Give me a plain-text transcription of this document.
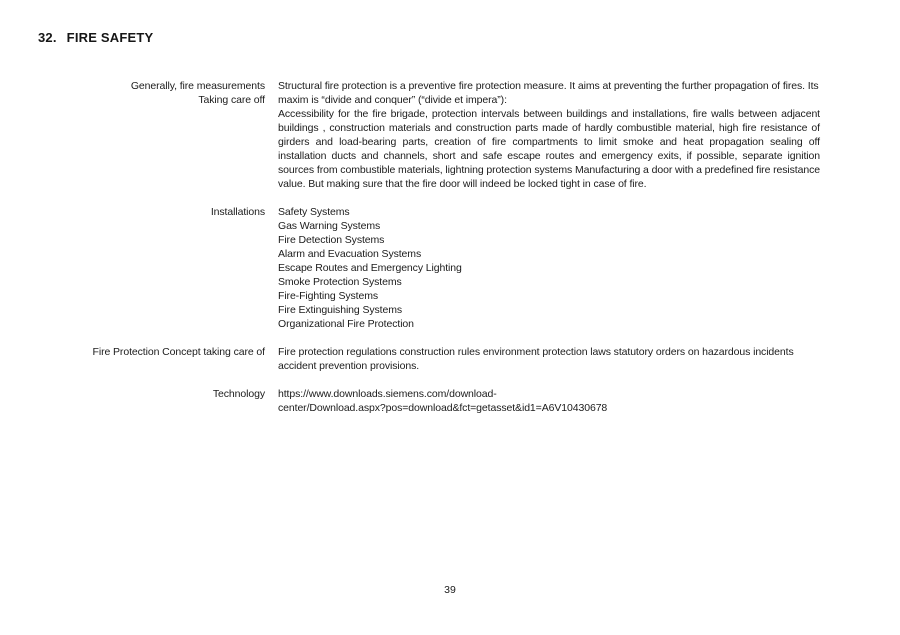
32. FIRE SAFETY
Generally, fire measurements
Taking care off

Structural fire protection is a preventive fire protection measure. It aims at preventing the further propagation of fires. Its maxim is “divide and conquer” (“divide et impera”):

Accessibility for the fire brigade, protection intervals between buildings and installations, fire walls between adjacent buildings , construction materials and construction parts made of hardly combustible material, high fire resistance of girders and load-bearing parts, creation of fire compartments to limit smoke and heat propagation sealing off installation ducts and channels, short and safe escape routes and emergency exits, if possible, separate ignition sources from combustible materials, lightning protection systems Manufacturing a door with a predefined fire resistance value. But making sure that the fire door will indeed be locked tight in case of fire.

Installations Safety Systems
Gas Warning Systems
Fire Detection Systems
Alarm and Evacuation Systems
Escape Routes and Emergency Lighting
Smoke Protection Systems
Fire-Fighting Systems
Fire Extinguishing Systems
Organizational Fire Protection
Fire Protection Concept taking care of Fire protection regulations construction rules environment protection laws statutory orders on hazardous incidents accident prevention provisions.

Technology https://www.downloads.siemens.com/download-
center/Download.aspx?pos=download&fct=getasset&id1=A6V10430678
39
